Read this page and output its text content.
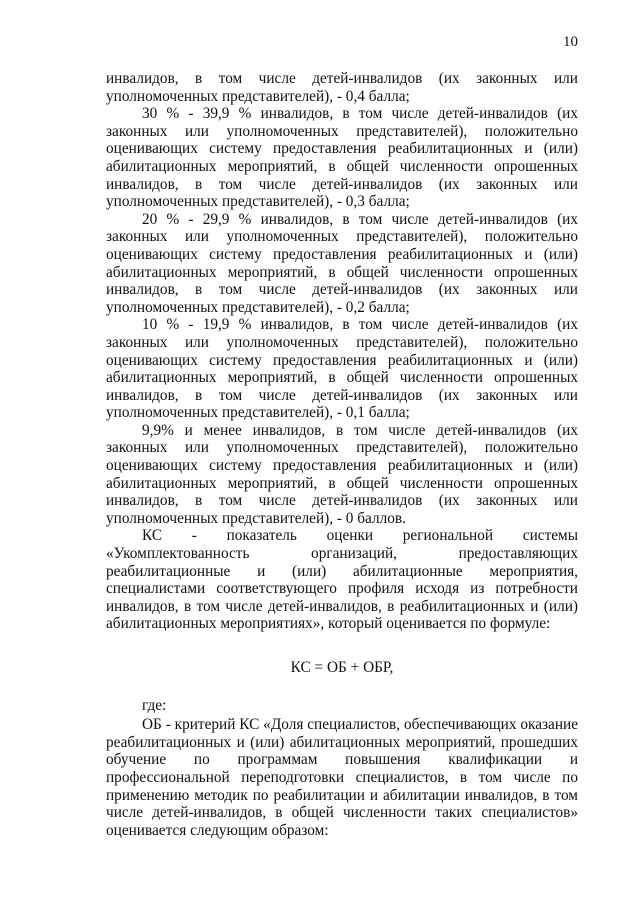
10

инвалидов, в том числе детей-инвалидов (их законных или уполномоченных представителей), - 0,4 балла;

30 % - 39,9 % инвалидов, в том числе детей-инвалидов (их законных или уполномоченных представителей), положительно оценивающих систему предоставления реабилитационных и (или) абилитационных мероприятий, в общей численности опрошенных инвалидов, в том числе детей-инвалидов (их законных или уполномоченных представителей), - 0,3 балла;

20 % - 29,9 % инвалидов, в том числе детей-инвалидов (их законных или уполномоченных представителей), положительно оценивающих систему предоставления реабилитационных и (или) абилитационных мероприятий, в общей численности опрошенных инвалидов, в том числе детей-инвалидов (их законных или уполномоченных представителей), - 0,2 балла;

10 % - 19,9 % инвалидов, в том числе детей-инвалидов (их законных или уполномоченных представителей), положительно оценивающих систему предоставления реабилитационных и (или) абилитационных мероприятий, в общей численности опрошенных инвалидов, в том числе детей-инвалидов (их законных или уполномоченных представителей), - 0,1 балла;

9,9% и менее инвалидов, в том числе детей-инвалидов (их законных или уполномоченных представителей), положительно оценивающих систему предоставления реабилитационных и (или) абилитационных мероприятий, в общей численности опрошенных инвалидов, в том числе детей-инвалидов (их законных или уполномоченных представителей), - 0 баллов.

КС - показатель оценки региональной системы «Укомплектованность организаций, предоставляющих реабилитационные и (или) абилитационные мероприятия, специалистами соответствующего профиля исходя из потребности инвалидов, в том числе детей-инвалидов, в реабилитационных и (или) абилитационных мероприятиях», который оценивается по формуле:

КС = ОБ + ОБР,

где:

ОБ - критерий КС «Доля специалистов, обеспечивающих оказание реабилитационных и (или) абилитационных мероприятий, прошедших обучение по программам повышения квалификации и профессиональной переподготовки специалистов, в том числе по применению методик по реабилитации и абилитации инвалидов, в том числе детей-инвалидов, в общей численности таких специалистов» оценивается следующим образом:
